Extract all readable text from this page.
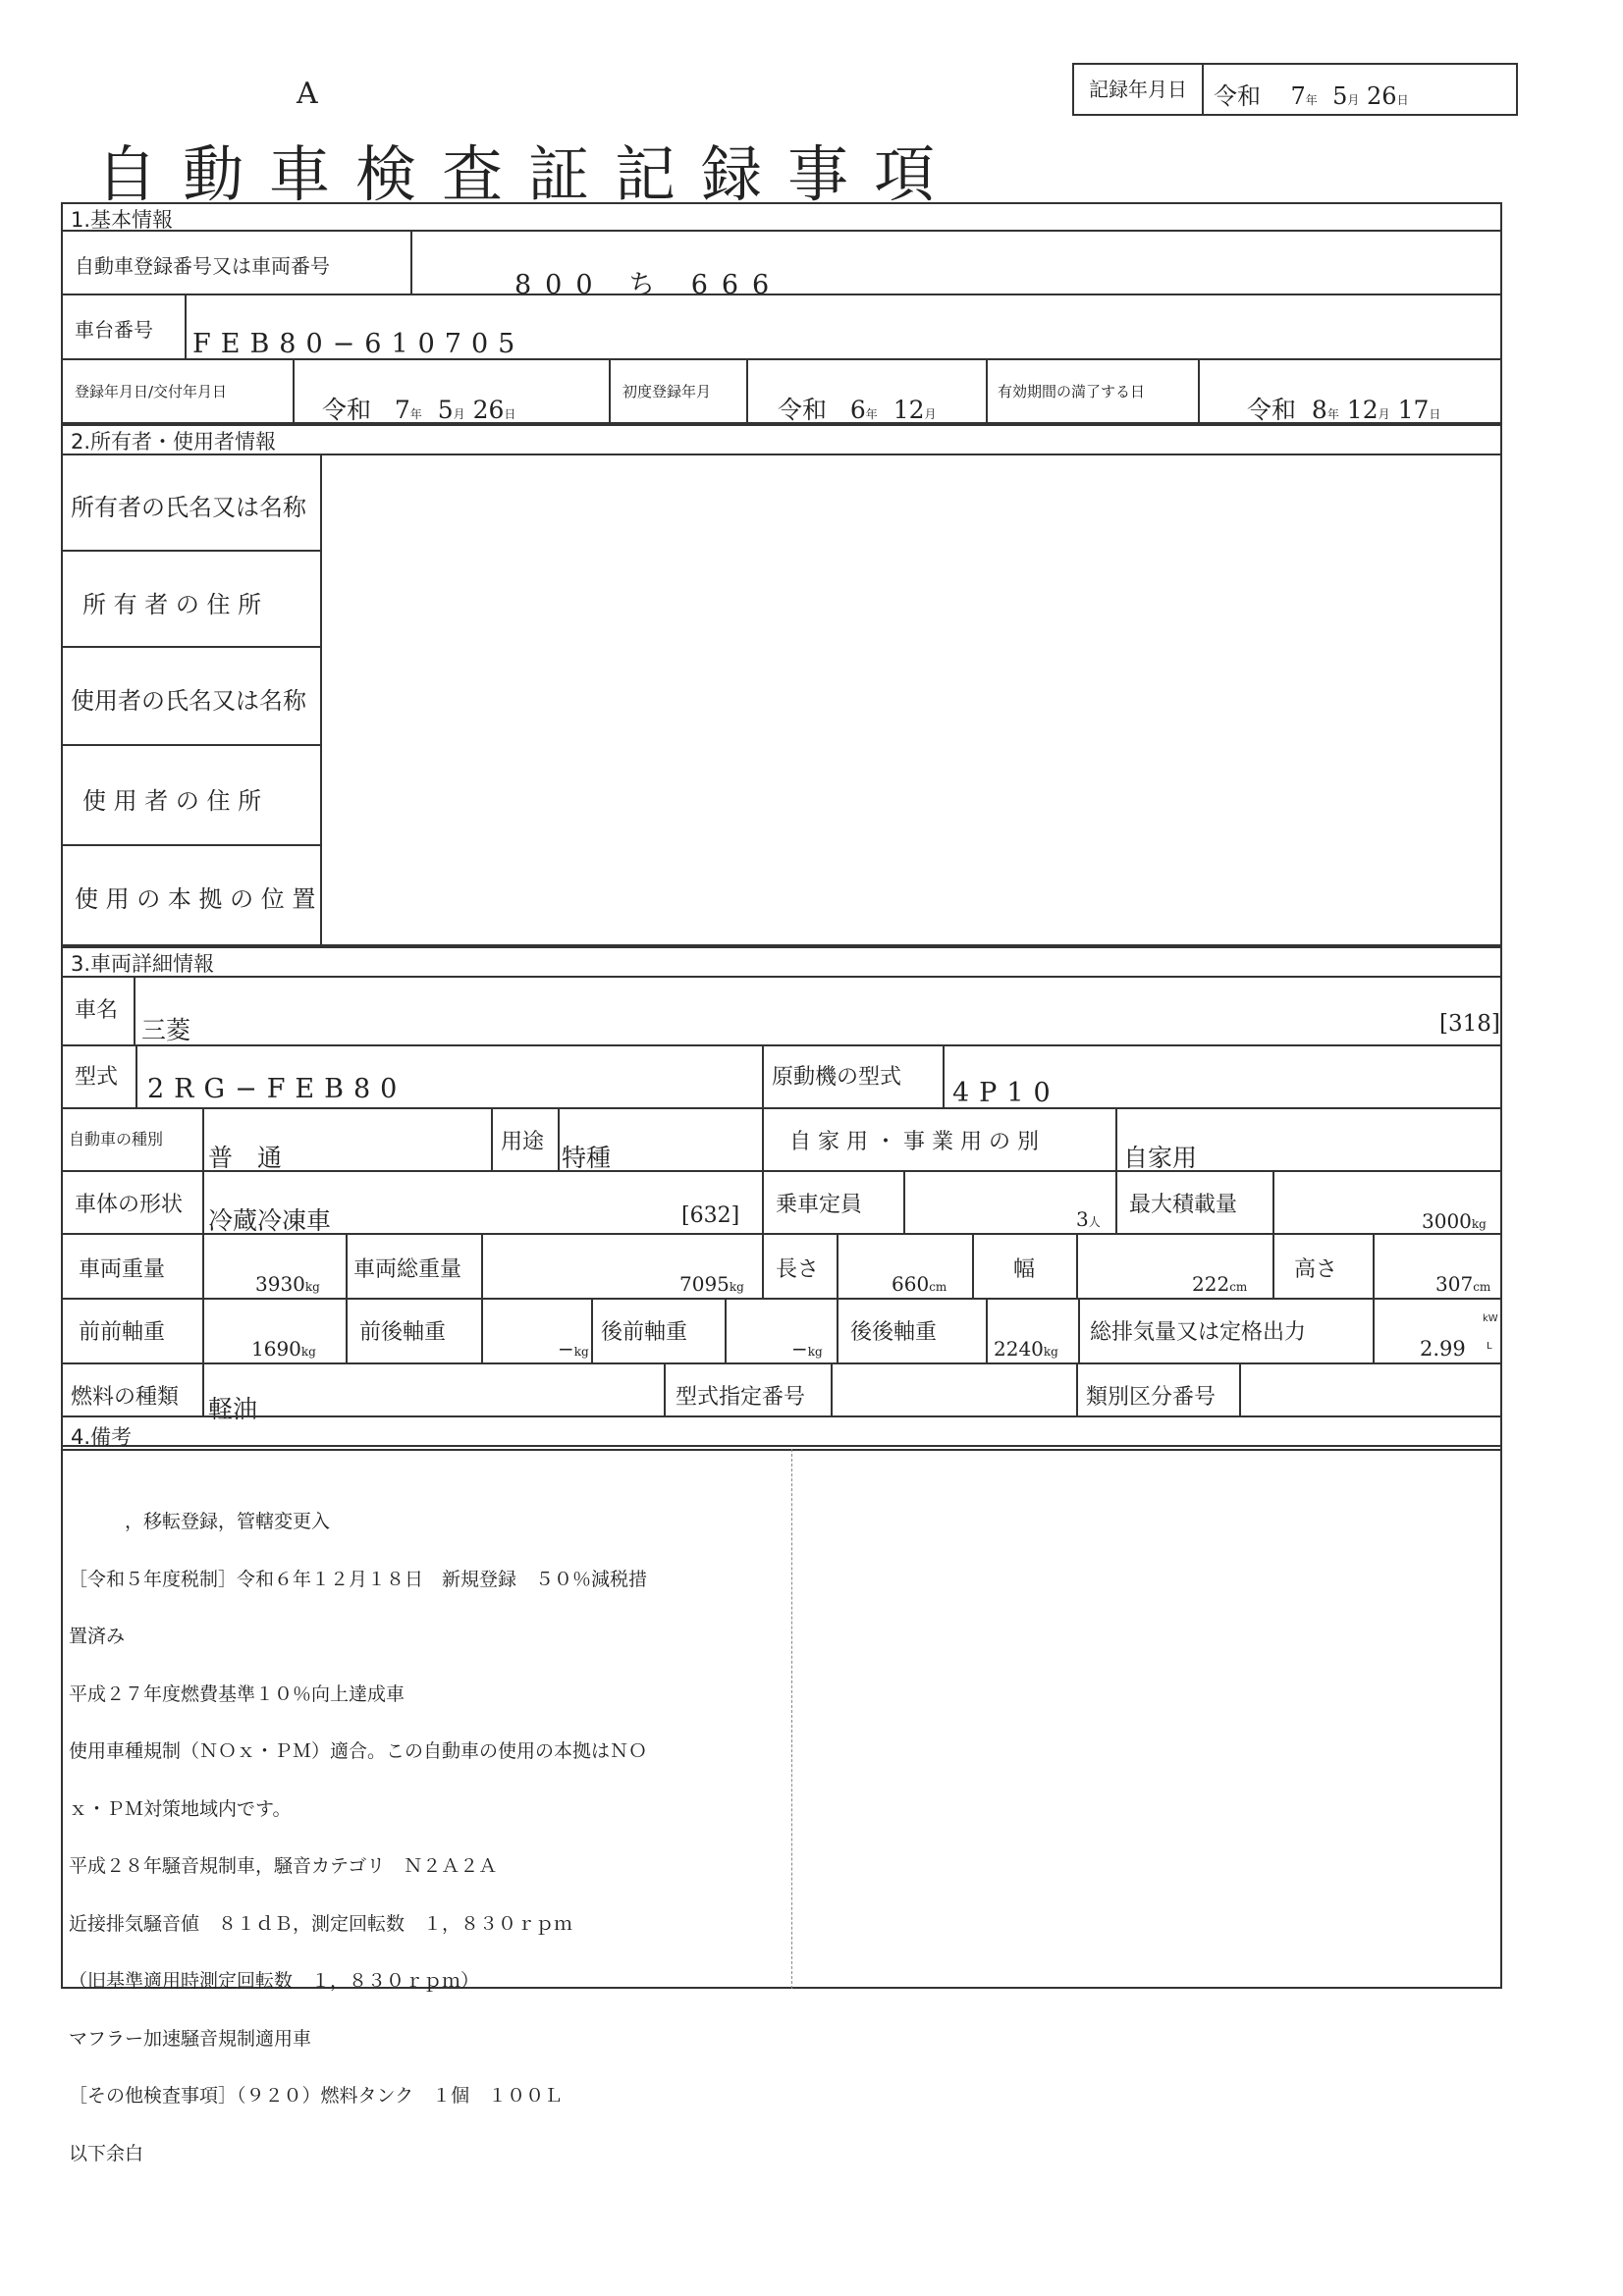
A	記録年月日	令和 7年 5月 26日
自動車検査証記録事項
1.基本情報
自動車登録番号又は車両番号
800 ち 666
車台番号 FEB80−610705
登録年月日/交付年月日
令和 7年 5月 26日
初度登録年月
令和 6年 12月
有効期間の満了する日
令和 8年 12月 17日
2.所有者・使用者情報
所有者の氏名又は名称
所 有 者 の 住 所
使用者の氏名又は名称
使 用 者 の 住 所
使 用 の 本 拠 の 位 置
3.車両詳細情報
車名
三菱	[318]
型式 2RG−FEB80	原動機の型式
4P10
自動車の種別
普　通
用途
特種
自 家 用 ・ 事 業 用 の 別
自家用
車体の形状
冷蔵冷凍車	[632] 乗車定員
3人
最大積載量
3000kg
車両重量
3930kg
車両総重量
7095kg
長さ
660cm
幅
222cm
高さ
307cm
前前軸重
1690kg
前後軸重
−kg
後前軸重
−kg
後後軸重
2240kg
総排気量又は定格出力
2.99
kW
L
燃料の種類 軽油	型式指定番号	類別区分番号
4.備考

　　　，移転登録，管轄変更入

［令和５年度税制］令和６年１２月１８日　新規登録　５０％減税措

置済み

平成２７年度燃費基準１０％向上達成車

使用車種規制（ＮＯｘ・ＰＭ）適合。この自動車の使用の本拠はＮＯ

ｘ・ＰＭ対策地域内です。

平成２８年騒音規制車，騒音カテゴリ　Ｎ２Ａ２Ａ

近接排気騒音値　８１ｄＢ，測定回転数　１，８３０ｒｐｍ

（旧基準適用時測定回転数　１，８３０ｒｐｍ）

マフラー加速騒音規制適用車

［その他検査事項］（９２０）燃料タンク　１個　１００Ｌ

以下余白
